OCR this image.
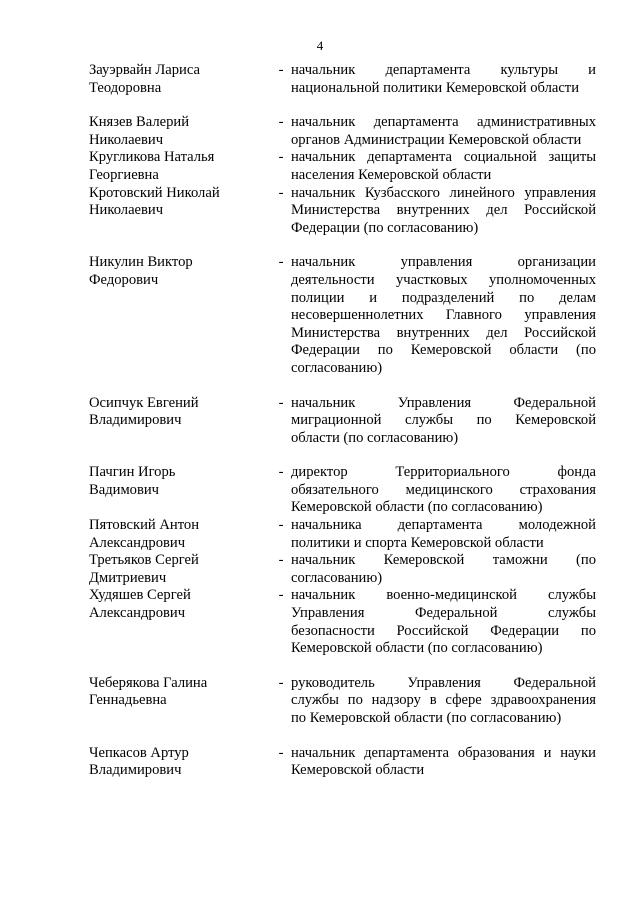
4
Зауэрвайн Лариса
Теодоровна
- начальник департамента культуры и
национальной политики Кемеровской области
Князев Валерий
Николаевич
- начальник департамента административных
органов Администрации Кемеровской области
Кругликова Наталья
Георгиевна
- начальник департамента социальной защиты
населения Кемеровской области
Кротовский Николай
Николаевич
- начальник Кузбасского линейного управления
Министерства внутренних дел Российской
Федерации (по согласованию)
Никулин Виктор
Федорович
- начальник управления организации
деятельности участковых уполномоченных
полиции и подразделений по делам
несовершеннолетних Главного управления
Министерства внутренних дел Российской
Федерации по Кемеровской области (по
согласованию)
Осипчук Евгений
Владимирович
- начальник Управления Федеральной
миграционной службы по Кемеровской
области (по согласованию)
Пачгин Игорь
Вадимович
- директор Территориального фонда
обязательного медицинского страхования
Кемеровской области (по согласованию)
Пятовский Антон
Александрович
- начальника департамента молодежной
политики и спорта Кемеровской области
Третьяков Сергей
Дмитриевич
- начальник Кемеровской таможни (по
согласованию)
Худяшев Сергей
Александрович
- начальник военно-медицинской службы
Управления Федеральной службы
безопасности Российской Федерации по
Кемеровской области (по согласованию)
Чеберякова Галина
Геннадьевна
- руководитель Управления Федеральной
службы по надзору в сфере здравоохранения
по Кемеровской области (по согласованию)
Чепкасов Артур
Владимирович
- начальник департамента образования и науки
Кемеровской области
